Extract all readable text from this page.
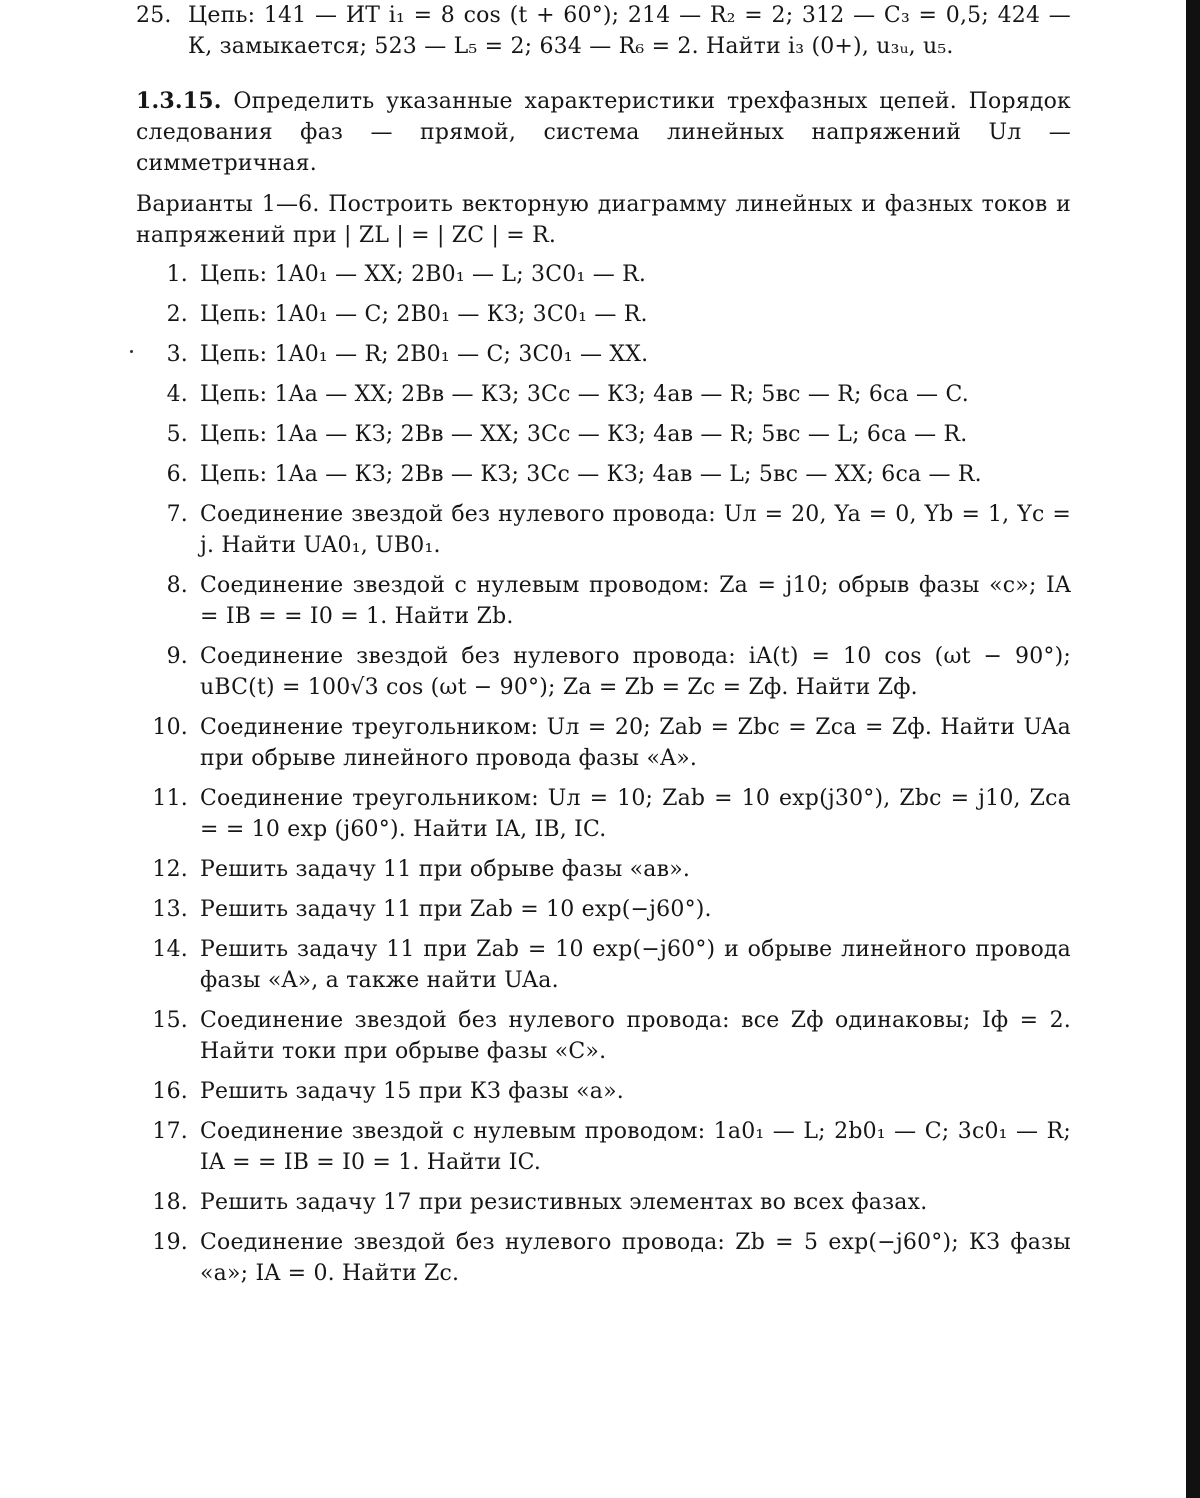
25. Цепь: 141 — ИТ i₁ = 8 cos (t + 60°); 214 — R₂ = 2; 312 — C₃ = 0,5; 424 — К, замыкается; 523 — L₅ = 2; 634 — R₆ = 2. Найти i₃ (0+), u₃ᵤ, u₅.
1.3.15. Определить указанные характеристики трехфазных цепей. Порядок следования фаз — прямой, система линейных напряжений Uл — симметричная.
Варианты 1—6. Построить векторную диаграмму линейных и фазных токов и напряжений при | ZL | = | ZC | = R.
1. Цепь: 1A0₁ — XX; 2B0₁ — L; 3C0₁ — R.
2. Цепь: 1A0₁ — C; 2B0₁ — КЗ; 3C0₁ — R.
3. Цепь: 1A0₁ — R; 2B0₁ — C; 3C0₁ — XX.
4. Цепь: 1Aa — XX; 2Bв — КЗ; 3Cc — КЗ; 4ав — R; 5вс — R; 6са — C.
5. Цепь: 1Aa — КЗ; 2Bв — XX; 3Cc — КЗ; 4ав — R; 5вс — L; 6са — R.
6. Цепь: 1Aa — КЗ; 2Bв — КЗ; 3Cc — КЗ; 4ав — L; 5вс — XX; 6са — R.
7. Соединение звездой без нулевого провода: Uл = 20, Ya = 0, Yb = 1, Yc = j. Найти UA0₁, UB0₁.
8. Соединение звездой с нулевым проводом: Za = j10; обрыв фазы «c»; IA = IB = = I0 = 1. Найти Zb.
9. Соединение звездой без нулевого провода: iA(t) = 10 cos (ωt − 90°); uBC(t) = 100√3 cos (ωt − 90°); Za = Zb = Zc = Zф. Найти Zф.
10. Соединение треугольником: Uл = 20; Zab = Zbc = Zca = Zф. Найти UAa при обрыве линейного провода фазы «A».
11. Соединение треугольником: Uл = 10; Zab = 10 exp(j30°), Zbc = j10, Zca = = 10 exp (j60°). Найти IA, IB, IC.
12. Решить задачу 11 при обрыве фазы «ав».
13. Решить задачу 11 при Zab = 10 exp(−j60°).
14. Решить задачу 11 при Zab = 10 exp(−j60°) и обрыве линейного провода фазы «A», а также найти UAa.
15. Соединение звездой без нулевого провода: все Zф одинаковы; Iф = 2. Найти токи при обрыве фазы «C».
16. Решить задачу 15 при КЗ фазы «a».
17. Соединение звездой с нулевым проводом: 1a0₁ — L; 2b0₁ — C; 3c0₁ — R; IA = = IB = I0 = 1. Найти IC.
18. Решить задачу 17 при резистивных элементах во всех фазах.
19. Соединение звездой без нулевого провода: Zb = 5 exp(−j60°); КЗ фазы «a»; IA = 0. Найти Zc.
